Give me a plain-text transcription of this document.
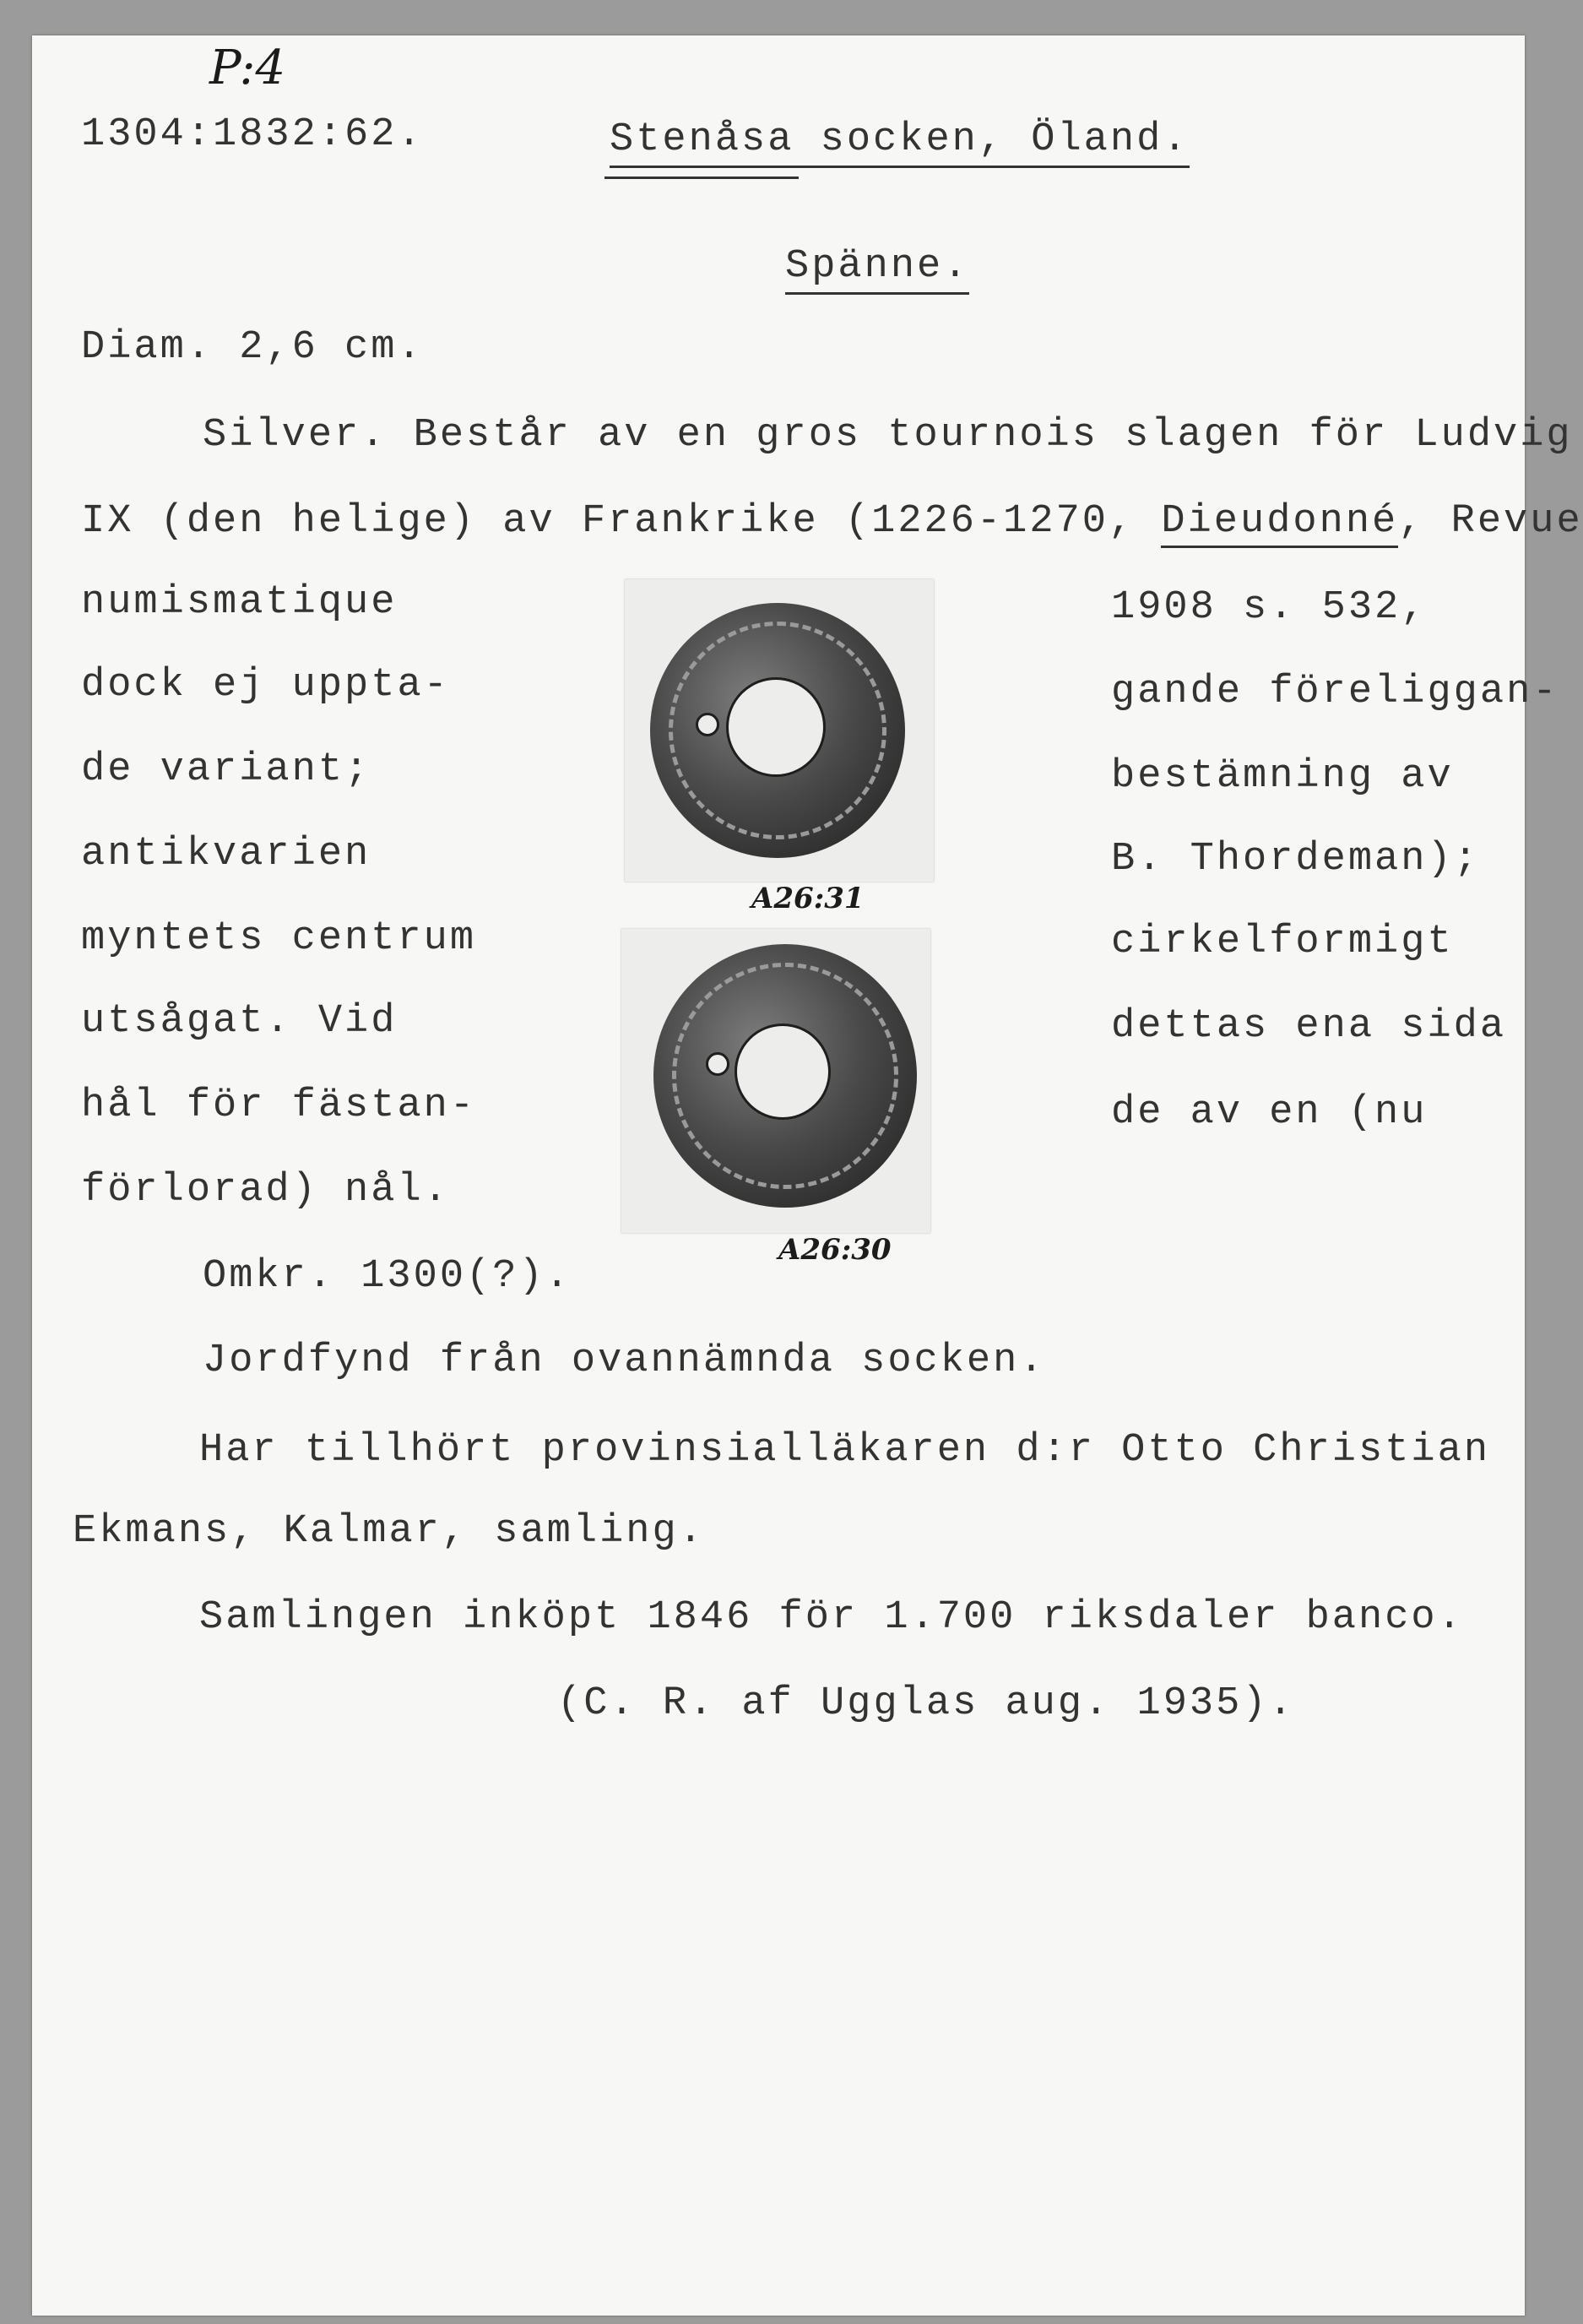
P:4
1304:1832:62.	Stenåsa socken, Öland.
Spänne.
Diam. 2,6 cm.
Silver. Består av en gros tournois slagen för Ludvig
IX (den helige) av Frankrike (1226-1270, Dieudonné, Revue
numismatique
dock ej uppta-
de variant;
antikvarien
myntets centrum
utsågat. Vid
hål för fästan-
förlorad) nål.
1908 s. 532,
gande föreliggan-
bestämning av
B. Thordeman);
cirkelformigt
dettas ena sida
de av en (nu
A26:31
A26:30
Omkr. 1300(?).
Jordfynd från ovannämnda socken.
Har tillhört provinsialläkaren d:r Otto Christian
Ekmans, Kalmar, samling.
Samlingen inköpt 1846 för 1.700 riksdaler banco.
(C. R. af Ugglas aug. 1935).
